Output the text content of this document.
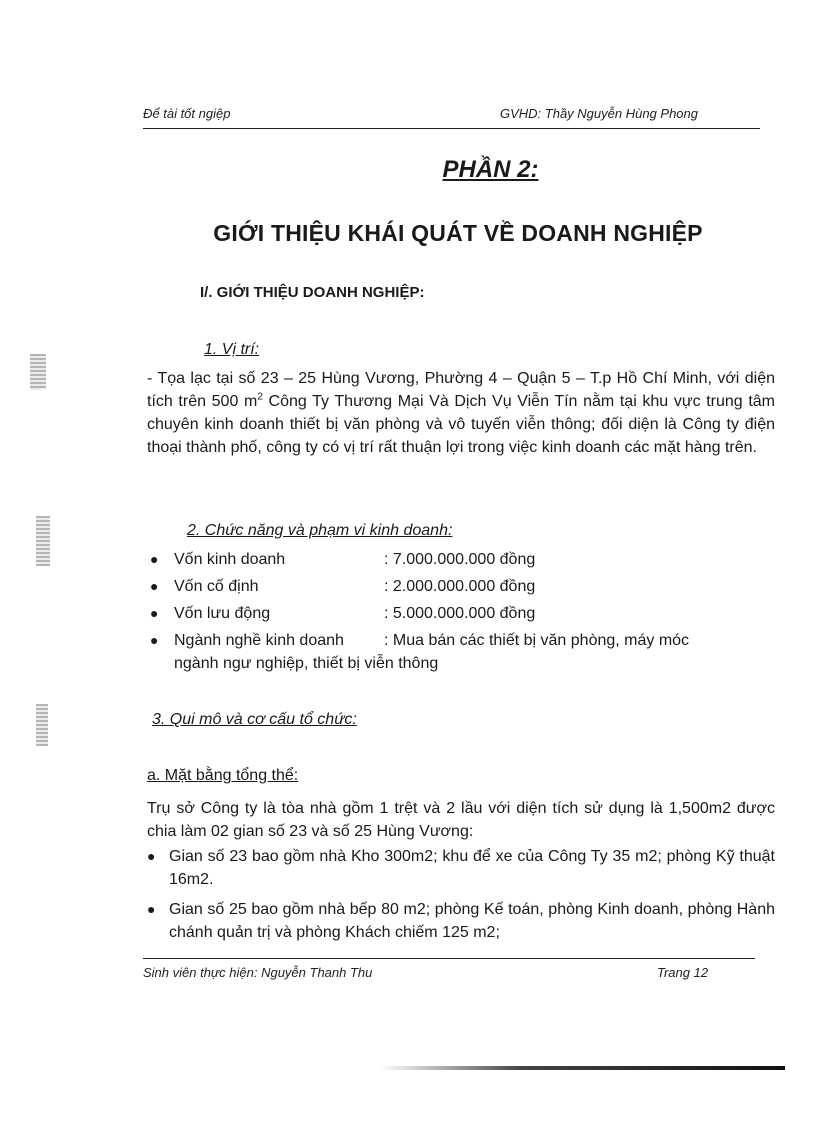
Để tài tốt ngiệp	GVHD: Thầy Nguyễn Hùng Phong
PHẦN 2:
GIỚI THIỆU KHÁI QUÁT VỀ DOANH NGHIỆP
I/. GIỚI THIỆU DOANH NGHIỆP:
1. Vị trí:
- Tọa lạc tại số 23 – 25 Hùng Vương, Phường 4 – Quận 5 – T.p Hồ Chí Minh, với diện tích trên 500 $m^2$ Công Ty Thương Mại Và Dịch Vụ Viễn Tín nằm tại khu vực trung tâm chuyên kinh doanh thiết bị văn phòng và vô tuyến viễn thông; đối diện là Công ty điện thoại thành phố, công ty có vị trí rất thuận lợi trong việc kinh doanh các mặt hàng trên.
2. Chức năng và phạm vi kinh doanh:
● Vốn kinh doanh	: 7.000.000.000 đồng
● Vốn cố định	: 2.000.000.000 đồng
● Vốn lưu động	: 5.000.000.000 đồng
● Ngành nghề kinh doanh	: Mua bán các thiết bị văn phòng, máy móc
ngành ngư nghiệp, thiết bị viễn thông
3. Qui mô và cơ cấu tổ chức:
a. Mặt bằng tổng thể:
Trụ sở Công ty là tòa nhà gồm 1 trệt và 2 lầu với diện tích sử dụng là 1,500m2 được chia làm 02 gian số 23 và số 25 Hùng Vương:
● Gian số 23 bao gồm nhà Kho 300m2; khu để xe của Công Ty 35 m2; phòng Kỹ thuật 16m2.
● Gian số 25 bao gồm nhà bếp 80 m2; phòng Kế toán, phòng Kinh doanh, phòng Hành chánh quản trị và phòng Khách chiếm 125 m2;
Sinh viên thực hiện: Nguyễn Thanh Thu	Trang 12
